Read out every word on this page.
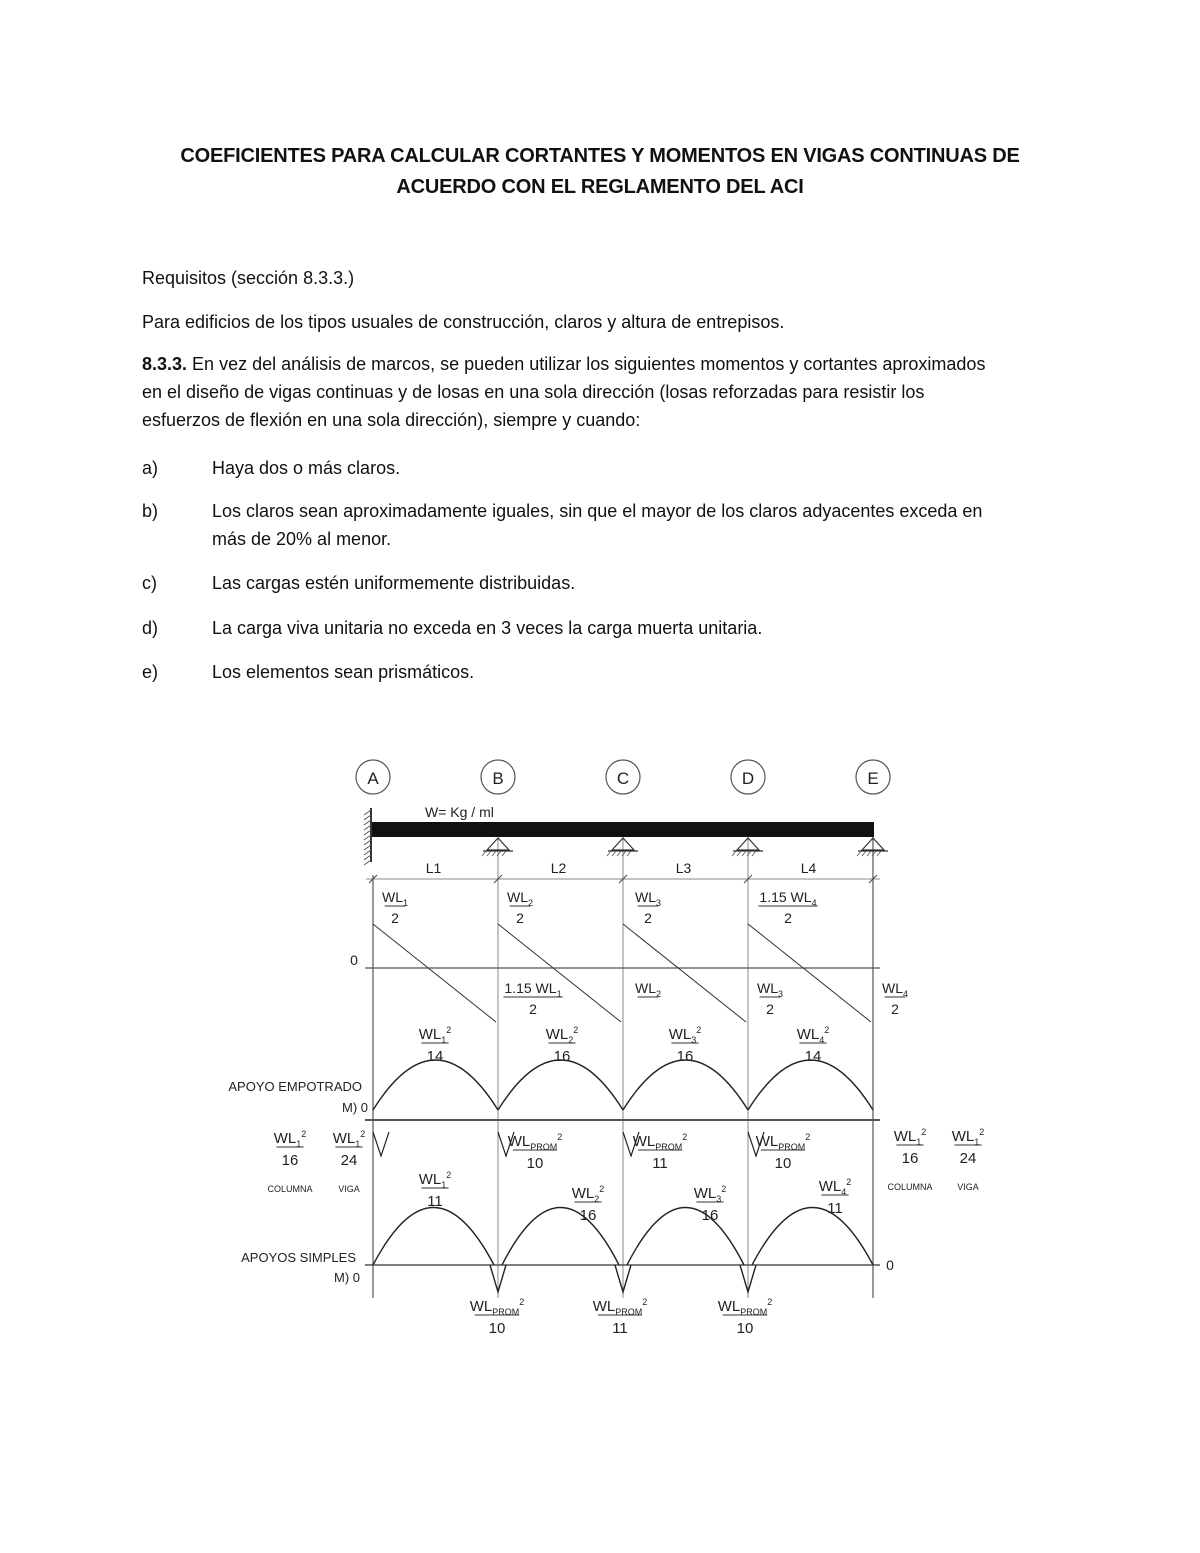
COEFICIENTES PARA CALCULAR CORTANTES Y MOMENTOS EN VIGAS CONTINUAS DE
ACUERDO CON EL REGLAMENTO DEL ACI
Requisitos (sección 8.3.3.)
Para edificios de los tipos usuales de construcción, claros y altura de entrepisos.
8.3.3. En vez del análisis de marcos, se pueden utilizar los siguientes momentos y cortantes aproximados
en el diseño de vigas continuas y de losas en una sola dirección (losas reforzadas para resistir los
esfuerzos de flexión en una sola dirección), siempre y cuando:
a)	Haya dos o más claros.
b)	Los claros sean aproximadamente iguales, sin que el mayor de los claros adyacentes exceda en
más de 20% al menor.
c)	Las cargas estén uniformemente distribuidas.
d)	La carga viva unitaria no exceda en 3 veces la carga muerta unitaria.
e)	Los elementos sean prismáticos.
A	B	C	D	E
W= Kg / ml
L1	L2	L3	L4
0
$WL_1$
2
$WL_2$
2
$WL_3$
2
1.15 $WL_4$
2
1.15 $WL_1$
2
$WL_2$	$WL_3$
2
$WL_4$
2
APOYO EMPOTRADO
M) 0
$WL_1^2$
14
$WL_2^2$
16
$WL_3^2$
16
$WL_4^2$
14
$WL_1^2$
16
COLUMNA
$WL_1^2$
24
VIGA
$WL_{PROM}^2$
10
$WL_{PROM}^2$
11
$WL_{PROM}^2$
10
$WL_1^2$
16
COLUMNA
$WL_1^2$
24
VIGA
APOYOS SIMPLES
M) 0
0
$WL_1^2$
11	$WL_2^2$
16
$WL_3^2$
16
$WL_4^2$
11
$WL_{PROM}^2$
10
$WL_{PROM}^2$
11
$WL_{PROM}^2$
10
